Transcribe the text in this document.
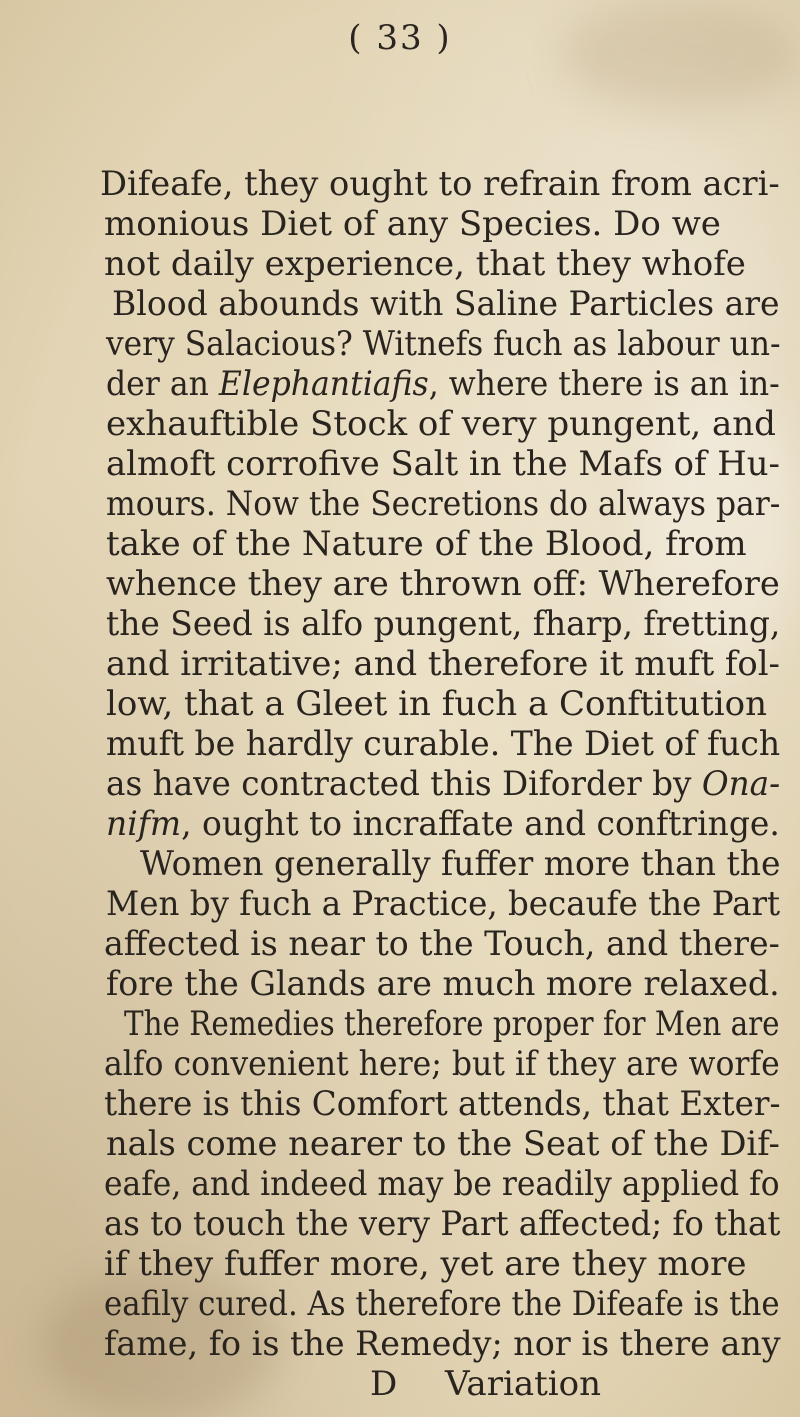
( 33 )
Difeafe, they ought to refrain from acri-
monious Diet of any Species. Do we
not daily experience, that they whofe
Blood abounds with Saline Particles are
very Salacious? Witnefs fuch as labour un-
der an Elephantiafis, where there is an in-
exhauftible Stock of very pungent, and
almoft corrofive Salt in the Mafs of Hu-
mours. Now the Secretions do always par-
take of the Nature of the Blood, from
whence they are thrown off: Wherefore
the Seed is alfo pungent, fharp, fretting,
and irritative; and therefore it muft fol-
low, that a Gleet in fuch a Conftitution
muft be hardly curable. The Diet of fuch
as have contracted this Diforder by Ona-
nifm, ought to incraffate and conftringe.
Women generally fuffer more than the
Men by fuch a Practice, becaufe the Part
affected is near to the Touch, and there-
fore the Glands are much more relaxed.
The Remedies therefore proper for Men are
alfo convenient here; but if they are worfe
there is this Comfort attends, that Exter-
nals come nearer to the Seat of the Dif-
eafe, and indeed may be readily applied fo
as to touch the very Part affected; fo that
if they fuffer more, yet are they more
eafily cured. As therefore the Difeafe is the
fame, fo is the Remedy; nor is there any
D Variation
